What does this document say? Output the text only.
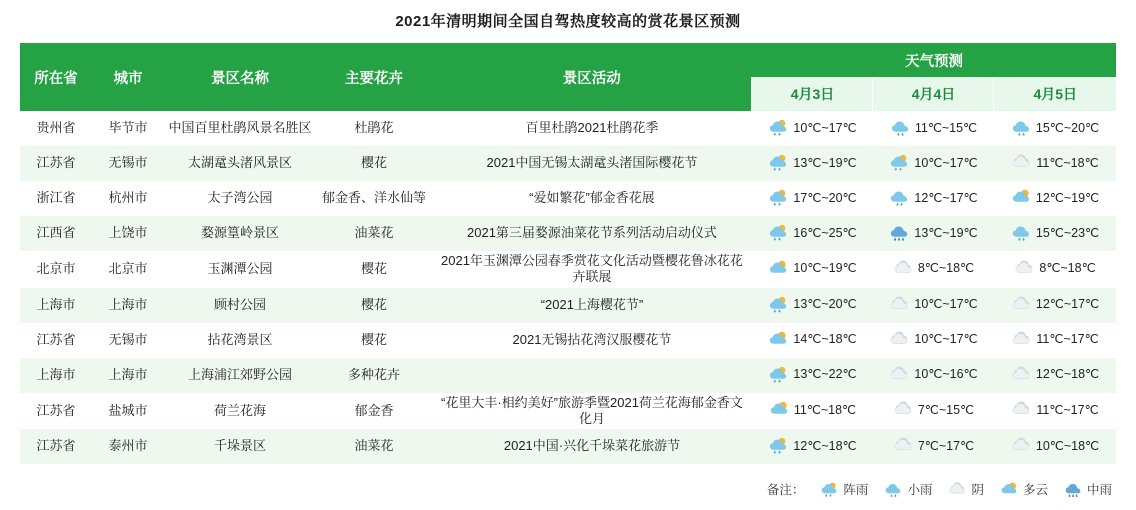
2021年清明期间全国自驾热度较高的赏花景区预测
所在省	城市	景区名称	主要花卉	景区活动	天气预测		
					4月3日	4月4日	4月5日
贵州省	毕节市	中国百里杜鹃风景名胜区	杜鹃花	百里杜鹃2021杜鹃花季	10℃~17℃	11℃~15℃	15℃~20℃
江苏省	无锡市	太湖鼋头渚风景区	樱花	2021中国无锡太湖鼋头渚国际樱花节	13℃~19℃	10℃~17℃	11℃~18℃
浙江省	杭州市	太子湾公园	郁金香、洋水仙等	“爱如繁花”郁金香花展	17℃~20℃	12℃~17℃	12℃~19℃
江西省	上饶市	婺源篁岭景区	油菜花	2021第三届婺源油菜花节系列活动启动仪式	16℃~25℃	13℃~19℃	15℃~23℃
北京市	北京市	玉渊潭公园	樱花	2021年玉渊潭公园春季赏花文化活动暨樱花鲁冰花花卉联展	10℃~19℃	8℃~18℃	8℃~18℃
上海市	上海市	顾村公园	樱花	“2021上海樱花节”	13℃~20℃	10℃~17℃	12℃~17℃
江苏省	无锡市	拈花湾景区	樱花	2021无锡拈花湾汉服樱花节	14℃~18℃	10℃~17℃	11℃~17℃
上海市	上海市	上海浦江郊野公园	多种花卉		13℃~22℃	10℃~16℃	12℃~18℃
江苏省	盐城市	荷兰花海	郁金香	“花里大丰·相约美好”旅游季暨2021荷兰花海郁金香文化月	11℃~18℃	7℃~15℃	11℃~17℃
江苏省	泰州市	千垛景区	油菜花	2021中国·兴化千垛菜花旅游节	12℃~18℃	7℃~17℃	10℃~18℃
备注：	阵雨	小雨	阴	多云	中雨
